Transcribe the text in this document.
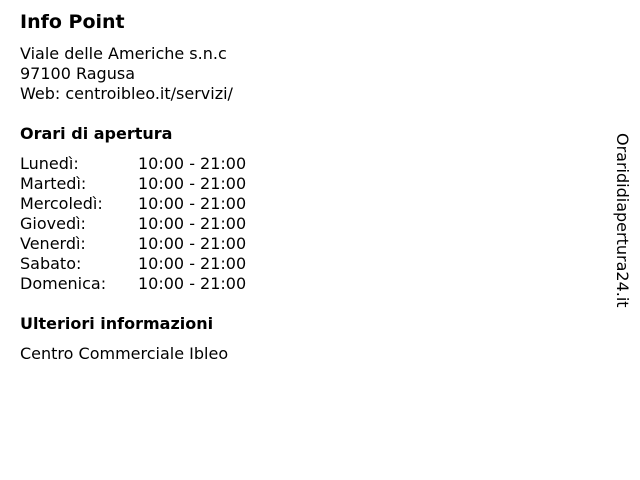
Info Point
Viale delle Americhe s.n.c
97100 Ragusa
Web: centroibleo.it/servizi/
Orari di apertura
Lunedì:	10:00 - 21:00
Martedì:	10:00 - 21:00
Mercoledì:	10:00 - 21:00
Giovedì:	10:00 - 21:00
Venerdì:	10:00 - 21:00
Sabato:	10:00 - 21:00
Domenica:	10:00 - 21:00
Ulteriori informazioni
Centro Commerciale Ibleo
Orarididiapertura24.it
